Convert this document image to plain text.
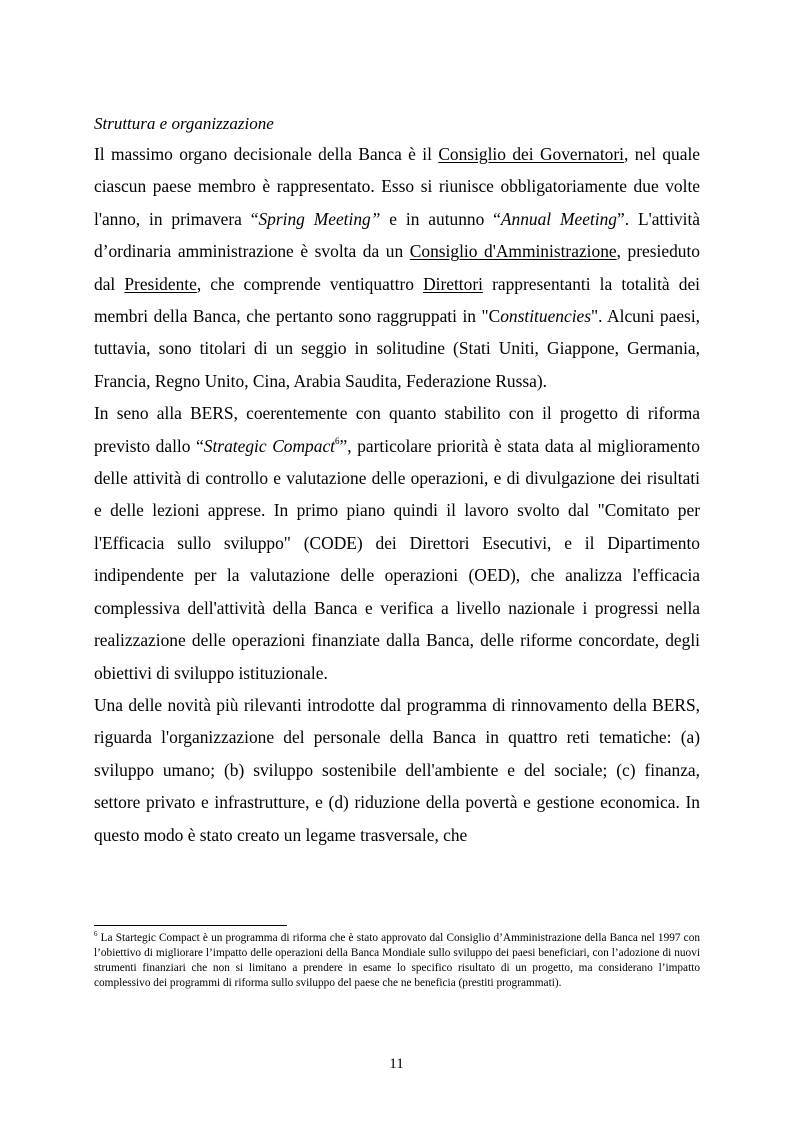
Struttura e organizzazione

Il massimo organo decisionale della Banca è il Consiglio dei Governatori, nel quale ciascun paese membro è rappresentato. Esso si riunisce obbligatoriamente due volte l'anno, in primavera “Spring Meeting” e in autunno “Annual Meeting”. L'attività d’ordinaria amministrazione è svolta da un Consiglio d'Amministrazione, presieduto dal Presidente, che comprende ventiquattro Direttori rappresentanti la totalità dei membri della Banca, che pertanto sono raggruppati in "Constituencies". Alcuni paesi, tuttavia, sono titolari di un seggio in solitudine (Stati Uniti, Giappone, Germania, Francia, Regno Unito, Cina, Arabia Saudita, Federazione Russa).

In seno alla BERS, coerentemente con quanto stabilito con il progetto di riforma previsto dallo “Strategic Compact$^6$”, particolare priorità è stata data al miglioramento delle attività di controllo e valutazione delle operazioni, e di divulgazione dei risultati e delle lezioni apprese. In primo piano quindi il lavoro svolto dal "Comitato per l'Efficacia sullo sviluppo" (CODE) dei Direttori Esecutivi, e il Dipartimento indipendente per la valutazione delle operazioni (OED), che analizza l'efficacia complessiva dell'attività della Banca e verifica a livello nazionale i progressi nella realizzazione delle operazioni finanziate dalla Banca, delle riforme concordate, degli obiettivi di sviluppo istituzionale.

Una delle novità più rilevanti introdotte dal programma di rinnovamento della BERS, riguarda l'organizzazione del personale della Banca in quattro reti tematiche: (a) sviluppo umano; (b) sviluppo sostenibile dell'ambiente e del sociale; (c) finanza, settore privato e infrastrutture, e (d) riduzione della povertà e gestione economica. In questo modo è stato creato un legame trasversale, che

$^6$ La Startegic Compact è un programma di riforma che è stato approvato dal Consiglio d’Amministrazione della Banca nel 1997 con l’obiettivo di migliorare l’impatto delle operazioni della Banca Mondiale sullo sviluppo dei paesi beneficiari, con l’adozione di nuovi strumenti finanziari che non si limitano a prendere in esame lo specifico risultato di un progetto, ma considerano l’impatto complessivo dei programmi di riforma sullo sviluppo del paese che ne beneficia (prestiti programmati).
11
